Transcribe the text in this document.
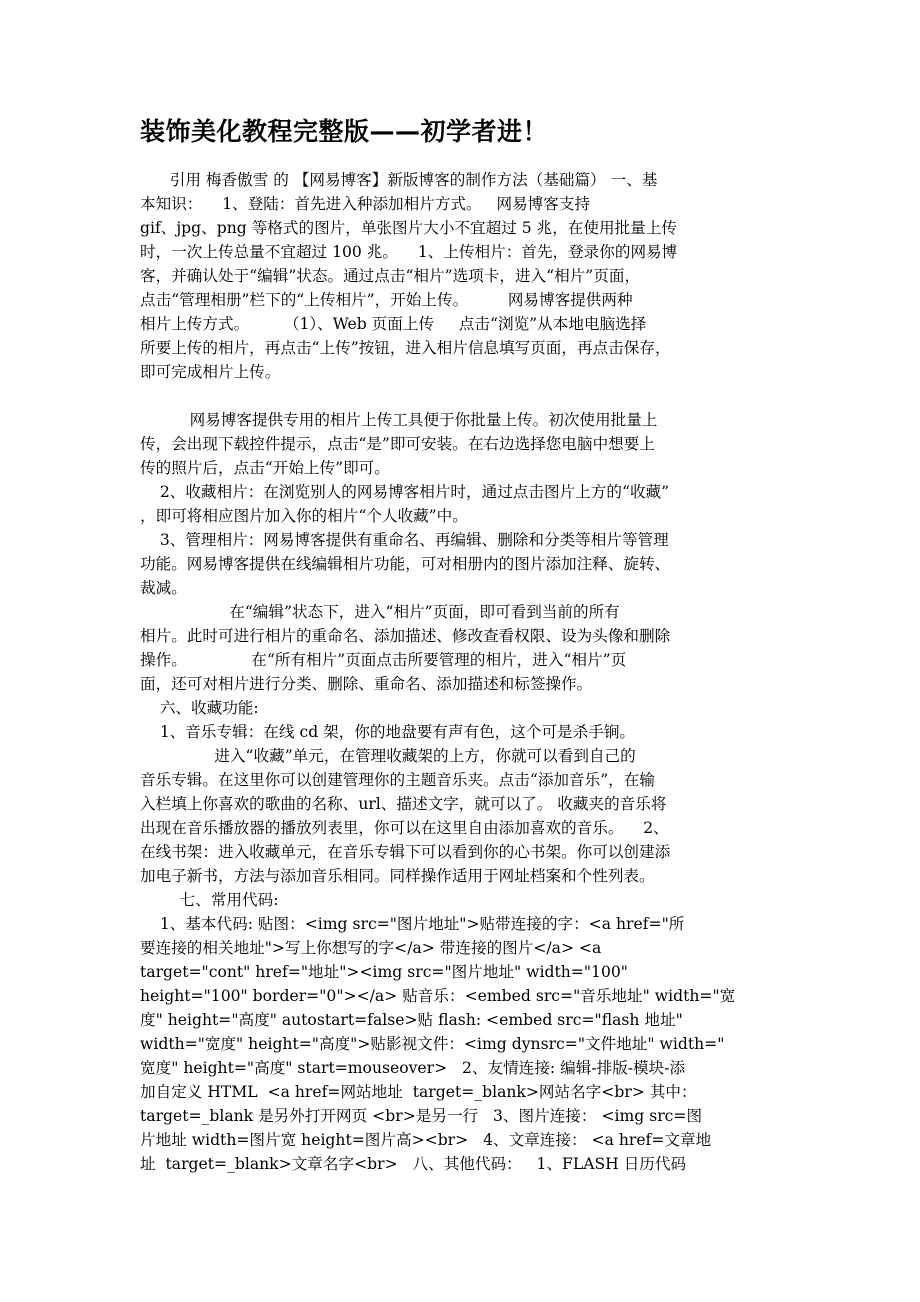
装饰美化教程完整版——初学者进！
引用 梅香傲雪 的 【网易博客】新版博客的制作方法（基础篇） 一、基
本知识：    1、登陆：首先进入种添加相片方式。   网易博客支持
gif、jpg、png 等格式的图片，单张图片大小不宜超过 5 兆，在使用批量上传
时，一次上传总量不宜超过 100 兆。    1、上传相片：首先，登录你的网易博
客，并确认处于“编辑”状态。通过点击“相片”选项卡，进入“相片”页面，
点击“管理相册”栏下的“上传相片”，开始上传。        网易博客提供两种
相片上传方式。       （1）、Web 页面上传     点击“浏览”从本地电脑选择
所要上传的相片，再点击“上传”按钮，进入相片信息填写页面，再点击保存，
即可完成相片上传。
网易博客提供专用的相片上传工具便于你批量上传。初次使用批量上
传，会出现下载控件提示，点击“是”即可安装。在右边选择您电脑中想要上
传的照片后，点击“开始上传”即可。
2、收藏相片：在浏览别人的网易博客相片时，通过点击图片上方的“收藏”
，即可将相应图片加入你的相片“个人收藏”中。
3、管理相片：网易博客提供有重命名、再编辑、删除和分类等相片等管理
功能。网易博客提供在线编辑相片功能，可对相册内的图片添加注释、旋转、
裁减。
在“编辑”状态下，进入“相片”页面，即可看到当前的所有
相片。此时可进行相片的重命名、添加描述、修改查看权限、设为头像和删除
操作。             在“所有相片”页面点击所要管理的相片，进入“相片”页
面，还可对相片进行分类、删除、重命名、添加描述和标签操作。
六、收藏功能:
1、音乐专辑：在线 cd 架，你的地盘要有声有色，这个可是杀手锏。
进入“收藏”单元，在管理收藏架的上方，你就可以看到自己的
音乐专辑。在这里你可以创建管理你的主题音乐夹。点击“添加音乐”，在输
入栏填上你喜欢的歌曲的名称、url、描述文字，就可以了。 收藏夹的音乐将
出现在音乐播放器的播放列表里，你可以在这里自由添加喜欢的音乐。    2、
在线书架：进入收藏单元，在音乐专辑下可以看到你的心书架。你可以创建添
加电子新书，方法与添加音乐相同。同样操作适用于网址档案和个性列表。
七、常用代码:
1、基本代码: 贴图：<img src="图片地址">贴带连接的字：<a href="所
要连接的相关地址">写上你想写的字</a> 带连接的图片</a> <a
target="cont" href="地址"><img src="图片地址" width="100"
height="100" border="0"></a> 贴音乐：<embed src="音乐地址" width="宽
度" height="高度" autostart=false>贴 flash: <embed src="flash 地址"
width="宽度" height="高度">贴影视文件：<img dynsrc="文件地址" width="
宽度" height="高度" start=mouseover>   2、友情连接: 编辑-排版-模块-添
加自定义 HTML  <a href=网站地址  target=_blank>网站名字<br> 其中：
target=_blank 是另外打开网页 <br>是另一行   3、图片连接： <img src=图
片地址 width=图片宽 height=图片高><br>   4、文章连接： <a href=文章地
址  target=_blank>文章名字<br>   八、其他代码：   1、FLASH 日历代码
